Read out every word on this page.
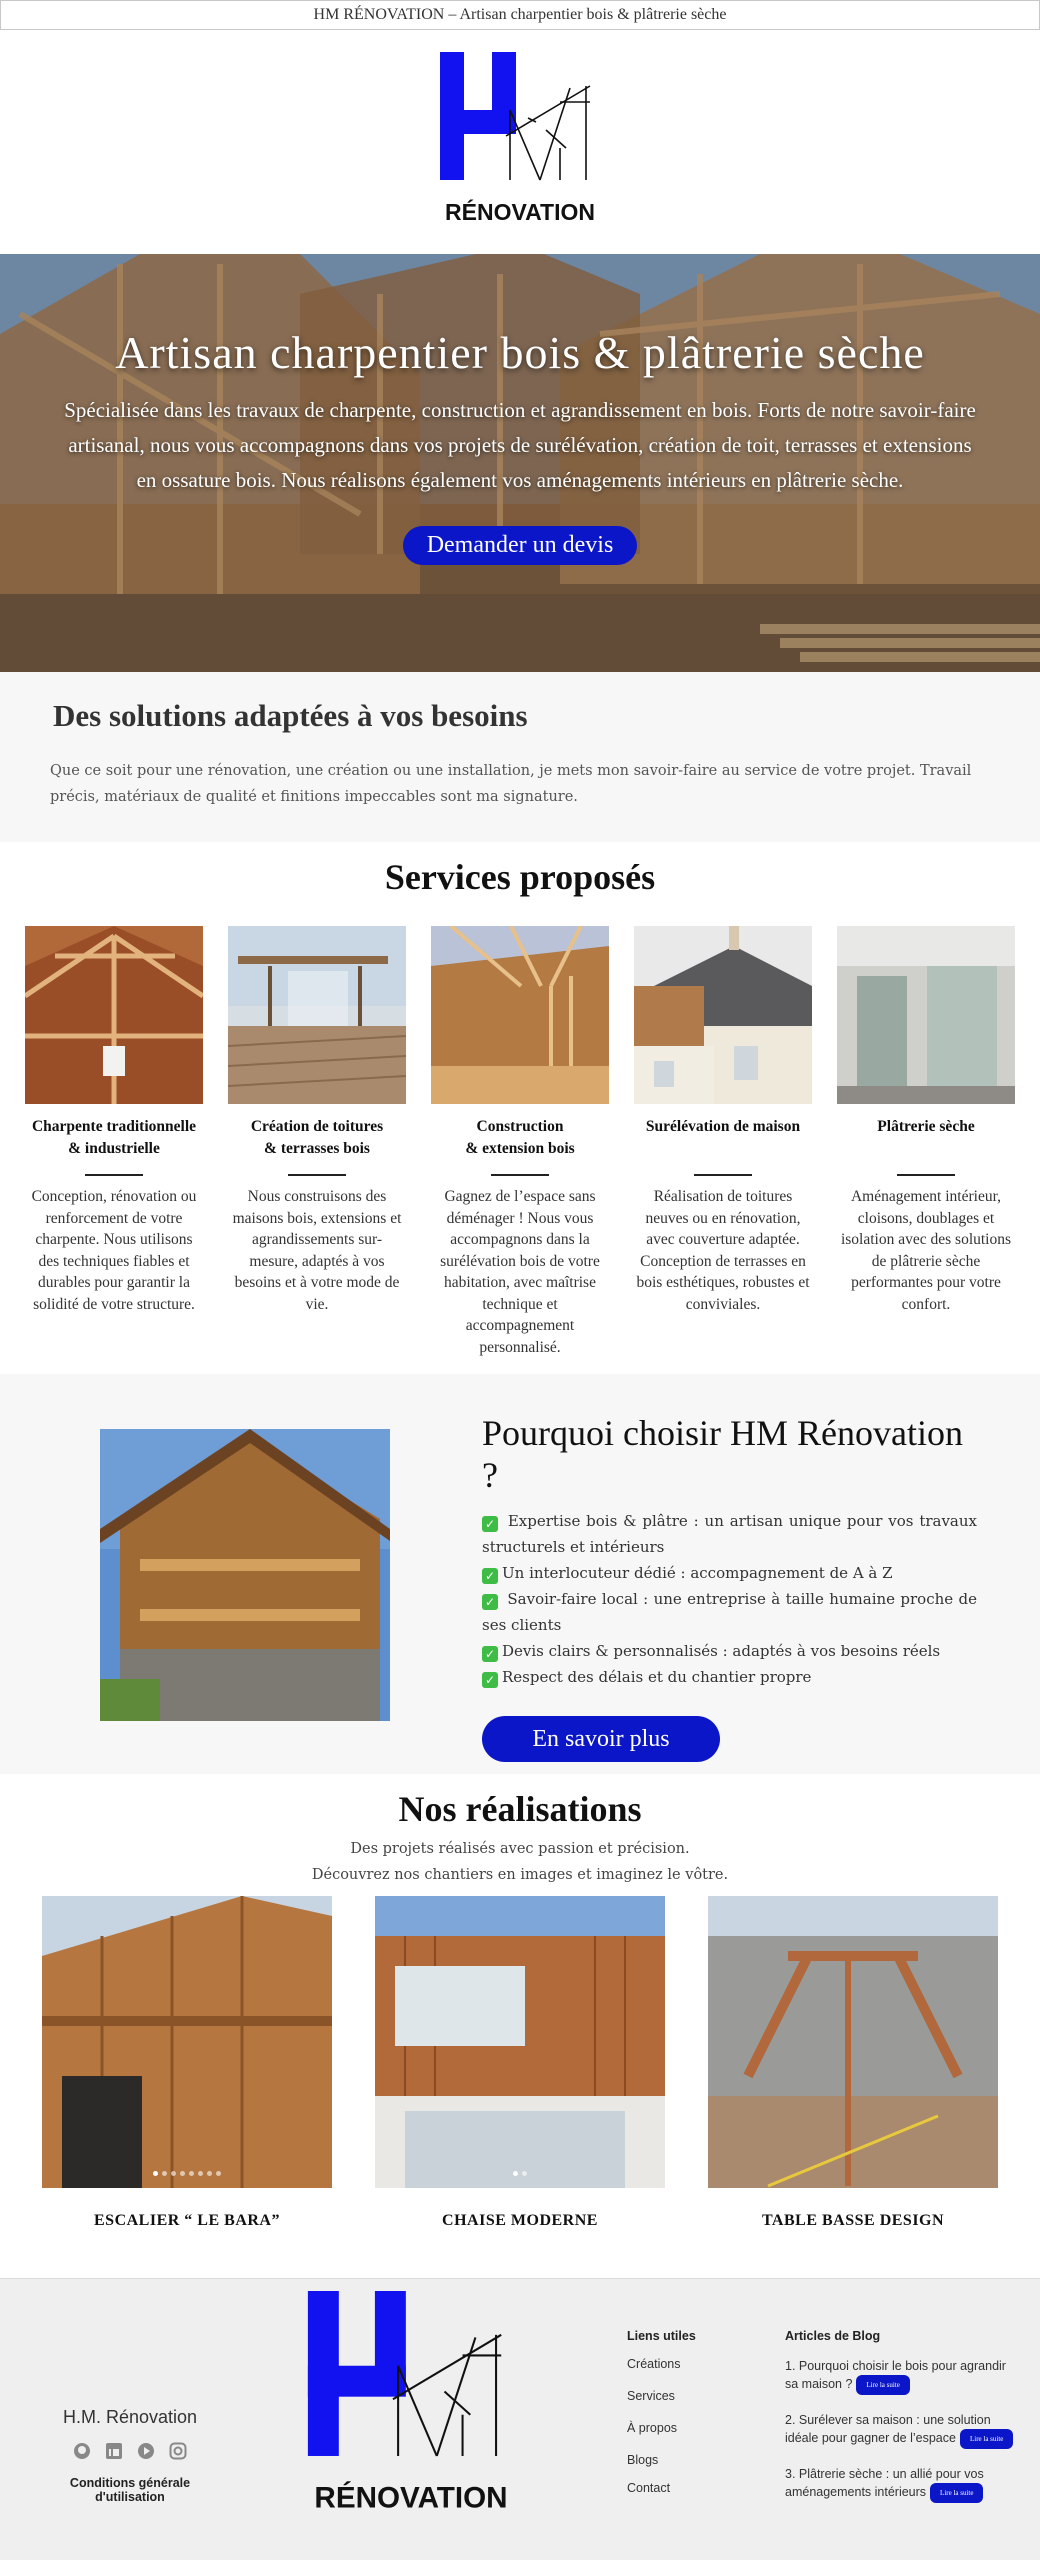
HM RÉNOVATION – Artisan charpentier bois & plâtrerie sèche
RÉNOVATION
Artisan charpentier bois & plâtrerie sèche

Spécialisée dans les travaux de charpente, construction et agrandissement en bois. Forts de notre savoir-faire artisanal, nous vous accompagnons dans vos projets de surélévation, création de toit, terrasses et extensions en ossature bois. Nous réalisons également vos aménagements intérieurs en plâtrerie sèche.

Demander un devis
Des solutions adaptées à vos besoins

Que ce soit pour une rénovation, une création ou une installation, je mets mon savoir-faire au service de votre projet. Travail précis, matériaux de qualité et finitions impeccables sont ma signature.

Services proposés
Charpente traditionnelle
& industrielle

Conception, rénovation ou renforcement de votre charpente. Nous utilisons des techniques fiables et durables pour garantir la solidité de votre structure.

Création de toitures
& terrasses bois

Nous construisons des maisons bois, extensions et agrandissements sur-mesure, adaptés à vos besoins et à votre mode de vie.

Construction
& extension bois

Gagnez de l’espace sans déménager ! Nous vous accompagnons dans la surélévation bois de votre habitation, avec maîtrise technique et accompagnement personnalisé.

Surélévation de maison

Réalisation de toitures neuves ou en rénovation, avec couverture adaptée. Conception de terrasses en bois esthétiques, robustes et conviviales.

Plâtrerie sèche

Aménagement intérieur, cloisons, doublages et isolation avec des solutions de plâtrerie sèche performantes pour votre confort.

Pourquoi choisir HM Rénovation ?
✓ Expertise bois & plâtre : un artisan unique pour vos travaux structurels et intérieurs
✓ Un interlocuteur dédié : accompagnement de A à Z
✓ Savoir-faire local : une entreprise à taille humaine proche de ses clients
✓ Devis clairs & personnalisés : adaptés à vos besoins réels
✓ Respect des délais et du chantier propre
En savoir plus
Nos réalisations
Des projets réalisés avec passion et précision.
Découvrez nos chantiers en images et imaginez le vôtre.
ESCALIER “ LE BARA”	CHAISE MODERNE	TABLE BASSE DESIGN
H.M. Rénovation
Conditions générale d'utilisation	RÉNOVATION
Liens utiles
Créations
Services
À propos
Blogs
Contact
Articles de Blog
1. Pourquoi choisir le bois pour agrandir sa maison ? Lire la suite
2. Surélever sa maison : une solution idéale pour gagner de l’espace Lire la suite
3. Plâtrerie sèche : un allié pour vos aménagements intérieurs Lire la suite
